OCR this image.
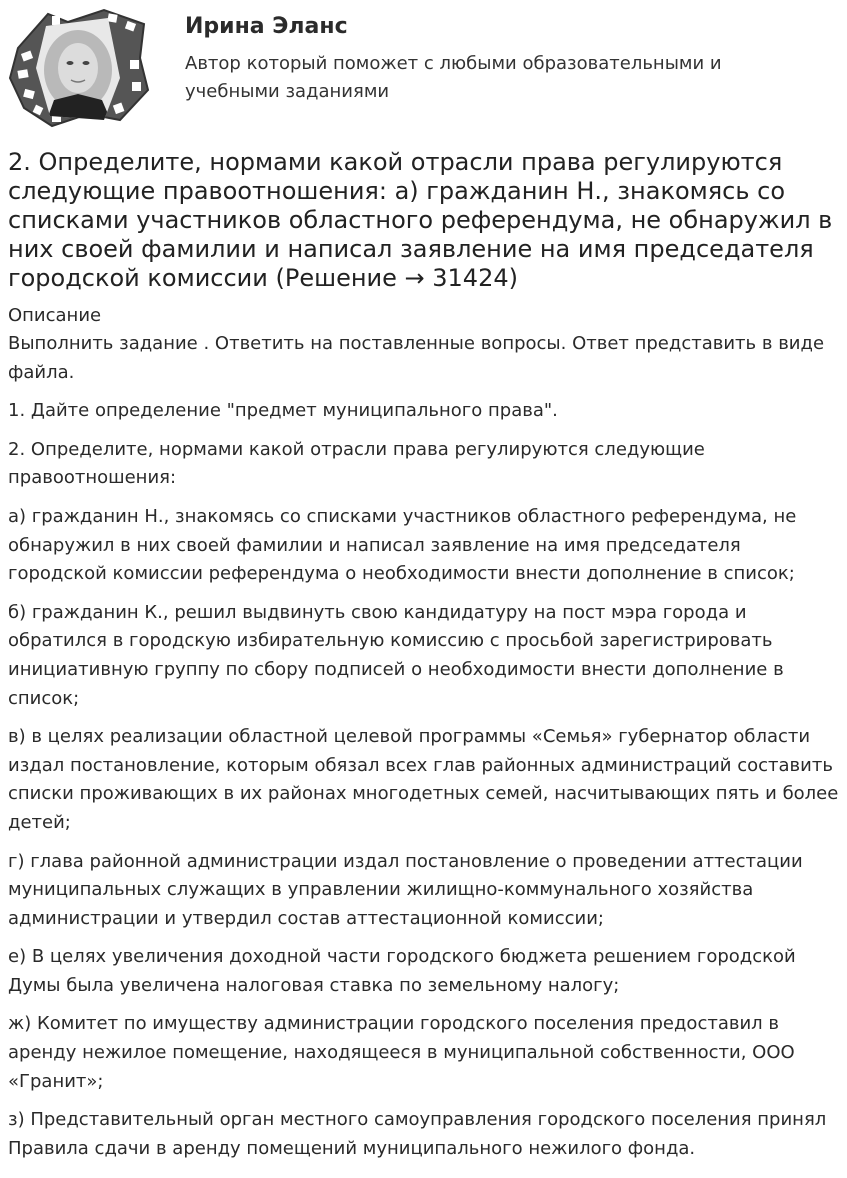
Ирина Эланс

Автор который поможет с любыми образовательными и учебными заданиями

2. Определите, нормами какой отрасли права регулируются следующие правоотношения: а) гражданин Н., знакомясь со списками участников областного референдума, не обнаружил в них своей фамилии и написал заявление на имя председателя городской комиссии (Решение → 31424)

Описание

Выполнить задание . Ответить на поставленные вопросы. Ответ представить в виде файла.

1. Дайте определение "предмет муниципального права".

2. Определите, нормами какой отрасли права регулируются следующие правоотношения:

а) гражданин Н., знакомясь со списками участников областного референдума, не обнаружил в них своей фамилии и написал заявление на имя председателя городской комиссии референдума о необходимости внести дополнение в список;

б) гражданин К., решил выдвинуть свою кандидатуру на пост мэра города и обратился в городскую избирательную комиссию с просьбой зарегистрировать инициативную группу по сбору подписей о необходимости внести дополнение в список;

в) в целях реализации областной целевой программы «Семья» губернатор области издал постановление, которым обязал всех глав районных администраций составить списки проживающих в их районах многодетных семей, насчитывающих пять и более детей;

г) глава районной администрации издал постановление о проведении аттестации муниципальных служащих в управлении жилищно-коммунального хозяйства администрации и утвердил состав аттестационной комиссии;

е) В целях увеличения доходной части городского бюджета решением городской Думы была увеличена налоговая ставка по земельному налогу;

ж) Комитет по имуществу администрации городского поселения предоставил в аренду нежилое помещение, находящееся в муниципальной собственности, ООО «Гранит»;

з) Представительный орган местного самоуправления городского поселения принял Правила сдачи в аренду помещений муниципального нежилого фонда.
